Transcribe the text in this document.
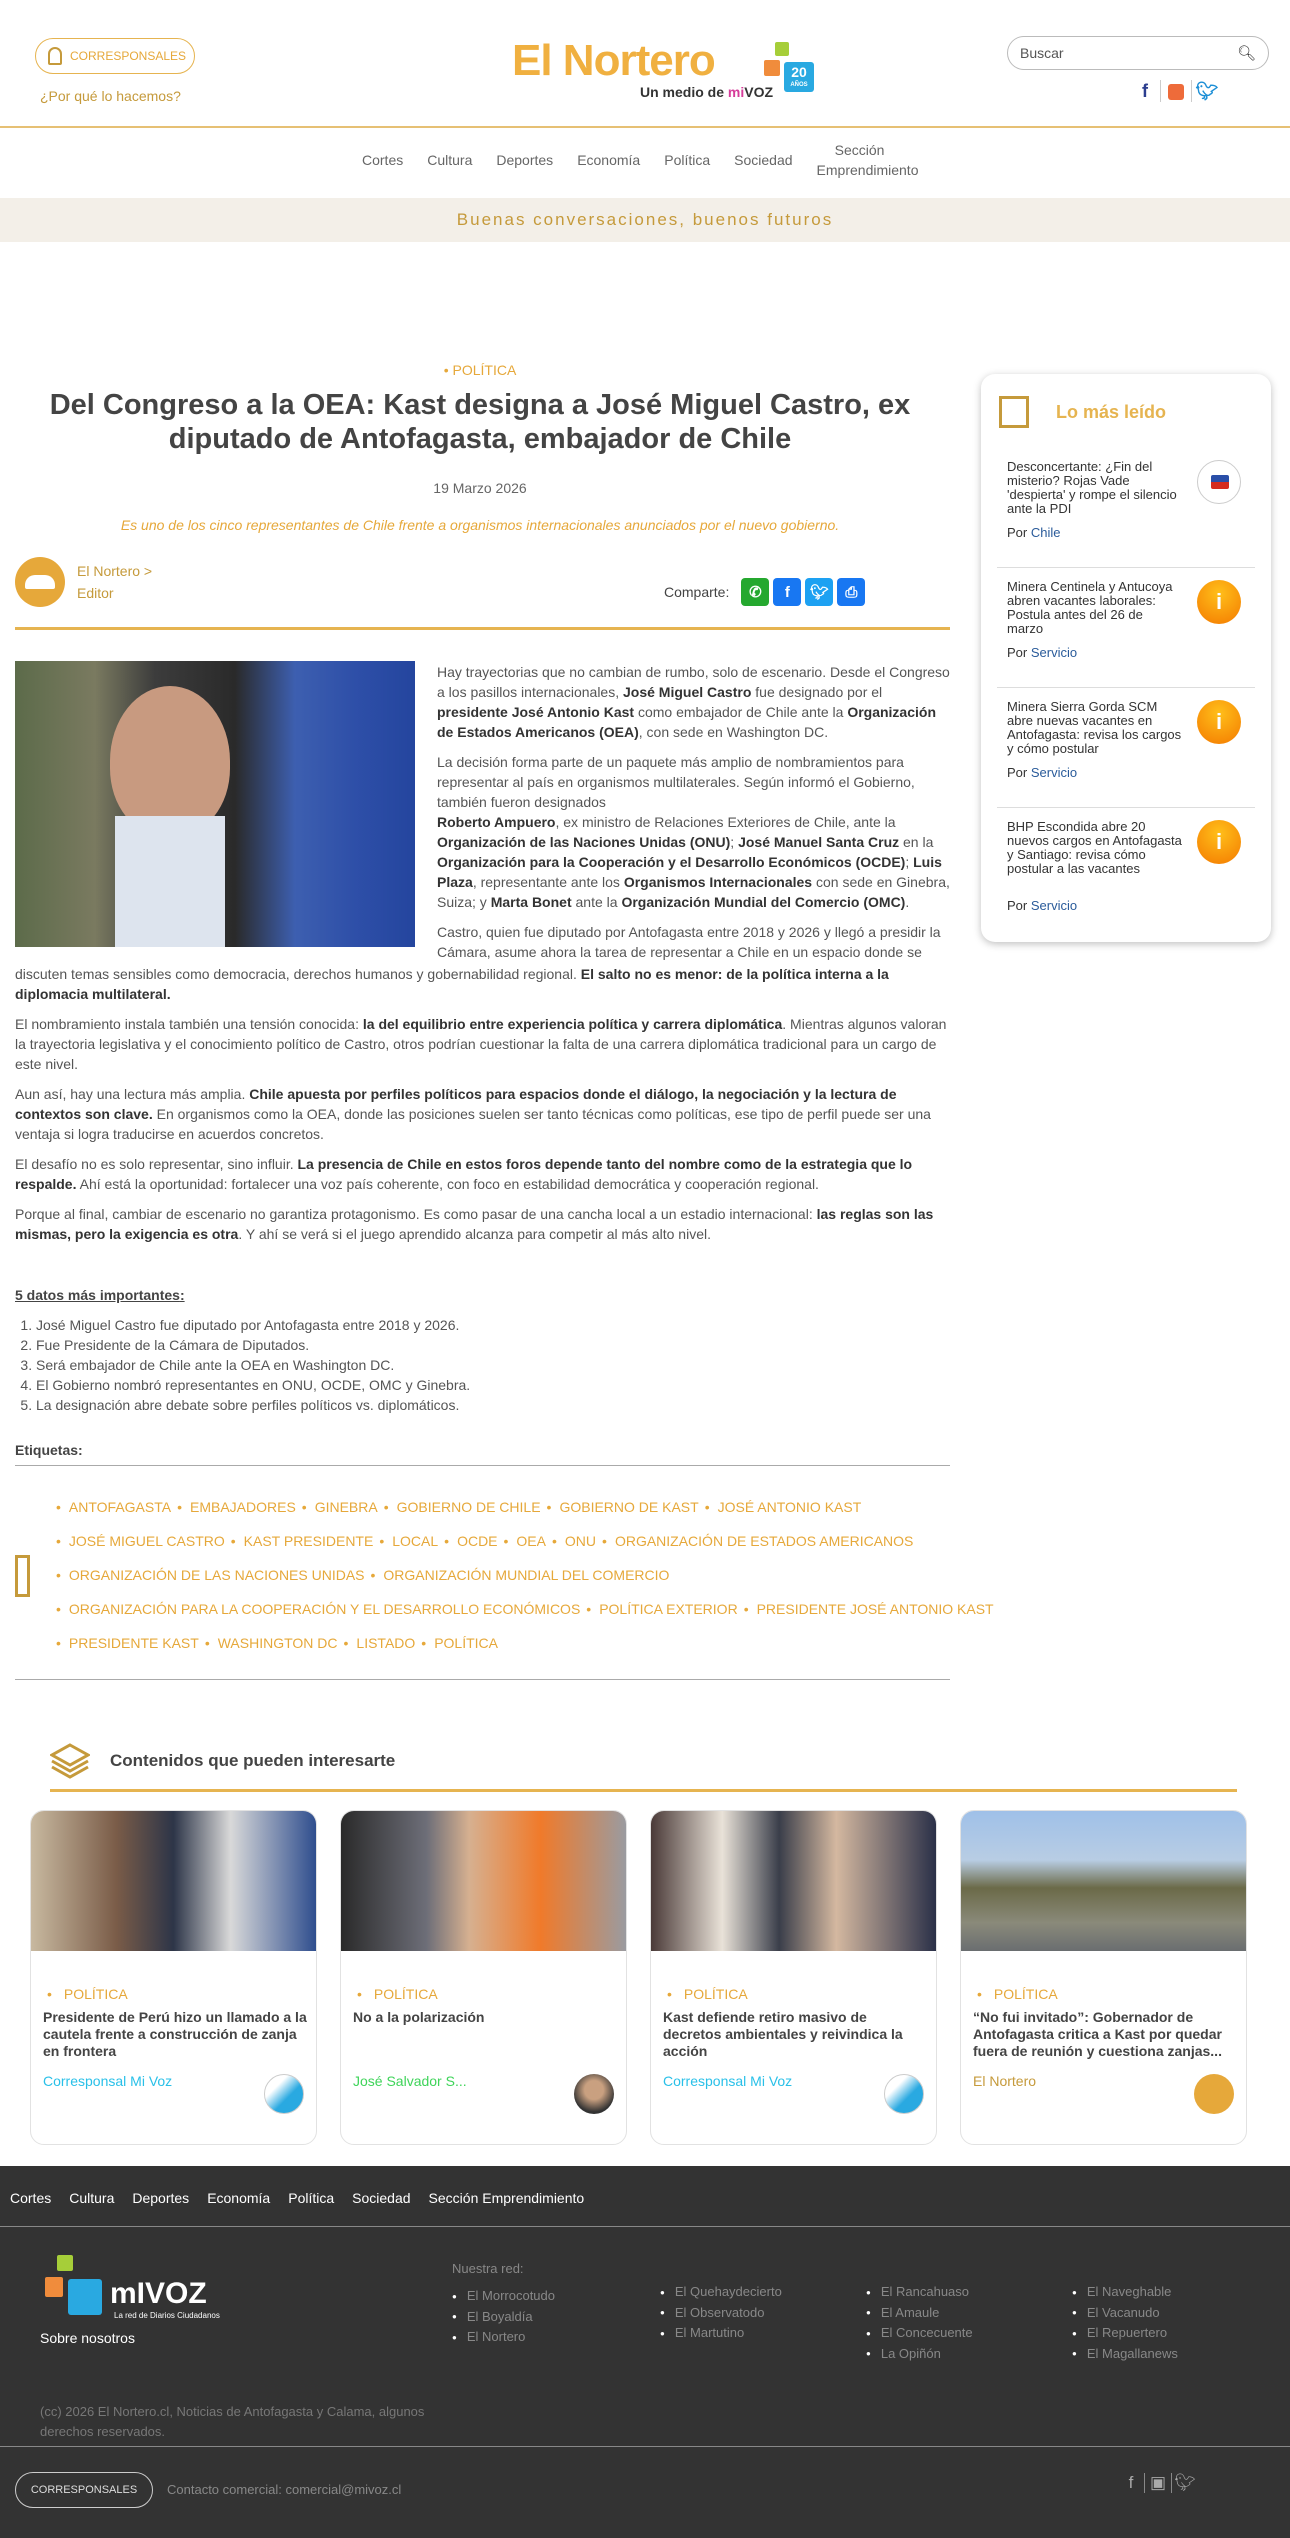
CORRESPONSALES
¿Por qué lo hacemos?
El Nortero	20
AÑOS
Un medio de miVOZ
Buscar	🔍︎
f	🐦︎
Cortes	Cultura	Deportes	Economía	Política	Sociedad
Sección Emprendimiento
Buenas conversaciones, buenos futuros
• POLÍTICA
Del Congreso a la OEA: Kast designa a José Miguel Castro, ex diputado de Antofagasta, embajador de Chile
19 Marzo 2026
Es uno de los cinco representantes de Chile frente a organismos internacionales anunciados por el nuevo gobierno.
El Nortero >
Editor	Comparte:	✆	f	🐦︎	⎙

Hay trayectorias que no cambian de rumbo, solo de escenario. Desde el Congreso a los pasillos internacionales, José Miguel Castro fue designado por el presidente José Antonio Kast como embajador de Chile ante la Organización de Estados Americanos (OEA), con sede en Washington DC.

La decisión forma parte de un paquete más amplio de nombramientos para representar al país en organismos multilaterales. Según informó el Gobierno, también fueron designados
Roberto Ampuero, ex ministro de Relaciones Exteriores de Chile, ante la Organización de las Naciones Unidas (ONU); José Manuel Santa Cruz en la Organización para la Cooperación y el Desarrollo Económicos (OCDE); Luis Plaza, representante ante los Organismos Internacionales con sede en Ginebra, Suiza; y Marta Bonet ante la Organización Mundial del Comercio (OMC).

Castro, quien fue diputado por Antofagasta entre 2018 y 2026 y llegó a presidir la Cámara, asume ahora la tarea de representar a Chile en un espacio donde se

discuten temas sensibles como democracia, derechos humanos y gobernabilidad regional. El salto no es menor: de la política interna a la diplomacia multilateral.

El nombramiento instala también una tensión conocida: la del equilibrio entre experiencia política y carrera diplomática. Mientras algunos valoran la trayectoria legislativa y el conocimiento político de Castro, otros podrían cuestionar la falta de una carrera diplomática tradicional para un cargo de este nivel.

Aun así, hay una lectura más amplia. Chile apuesta por perfiles políticos para espacios donde el diálogo, la negociación y la lectura de contextos son clave. En organismos como la OEA, donde las posiciones suelen ser tanto técnicas como políticas, ese tipo de perfil puede ser una ventaja si logra traducirse en acuerdos concretos.

El desafío no es solo representar, sino influir. La presencia de Chile en estos foros depende tanto del nombre como de la estrategia que lo respalde. Ahí está la oportunidad: fortalecer una voz país coherente, con foco en estabilidad democrática y cooperación regional.

Porque al final, cambiar de escenario no garantiza protagonismo. Es como pasar de una cancha local a un estadio internacional: las reglas son las mismas, pero la exigencia es otra. Y ahí se verá si el juego aprendido alcanza para competir al más alto nivel.

5 datos más importantes:
1. José Miguel Castro fue diputado por Antofagasta entre 2018 y 2026.
2. Fue Presidente de la Cámara de Diputados.
3. Será embajador de Chile ante la OEA en Washington DC.
4. El Gobierno nombró representantes en ONU, OCDE, OMC y Ginebra.
5. La designación abre debate sobre perfiles políticos vs. diplomáticos.
Etiquetas:
• ANTOFAGASTA • EMBAJADORES • GINEBRA • GOBIERNO DE CHILE • GOBIERNO DE KAST • JOSÉ ANTONIO KAST
• JOSÉ MIGUEL CASTRO • KAST PRESIDENTE • LOCAL • OCDE • OEA • ONU • ORGANIZACIÓN DE ESTADOS AMERICANOS
• ORGANIZACIÓN DE LAS NACIONES UNIDAS • ORGANIZACIÓN MUNDIAL DEL COMERCIO
• ORGANIZACIÓN PARA LA COOPERACIÓN Y EL DESARROLLO ECONÓMICOS • POLÍTICA EXTERIOR • PRESIDENTE JOSÉ ANTONIO KAST
• PRESIDENTE KAST • WASHINGTON DC • LISTADO • POLÍTICA
Lo más leído
Desconcertante: ¿Fin del misterio? Rojas Vade 'despierta' y rompe el silencio ante la PDI
Por Chile
Minera Centinela y Antucoya abren vacantes laborales: Postula antes del 26 de marzo
Por Servicio
i
Minera Sierra Gorda SCM abre nuevas vacantes en Antofagasta: revisa los cargos y cómo postular
Por Servicio
i
BHP Escondida abre 20 nuevos cargos en Antofagasta y Santiago: revisa cómo postular a las vacantes
Por Servicio
i
Contenidos que pueden interesarte
• POLÍTICA
Presidente de Perú hizo un llamado a la cautela frente a construcción de zanja en frontera
Corresponsal Mi Voz
• POLÍTICA
No a la polarización
José Salvador S...
• POLÍTICA
Kast defiende retiro masivo de decretos ambientales y reivindica la acción
Corresponsal Mi Voz
• POLÍTICA
“No fui invitado”: Gobernador de Antofagasta critica a Kast por quedar fuera de reunión y cuestiona zanjas...
El Nortero
Cortes Cultura Deportes Economía Política Sociedad Sección Emprendimiento
mIVOZ
La red de Diarios Ciudadanos
Sobre nosotros
Nuestra red:
● El Morrocotudo
● El Boyaldía
● El Nortero
● El Quehaydecierto
● El Observatodo
● El Martutino
● El Rancahuaso
● El Amaule
● El Concecuente
● La Opiñón
● El Naveghable
● El Vacanudo
● El Repuertero
● El Magallanews
(cc) 2026 El Nortero.cl, Noticias de Antofagasta y Calama, algunos derechos reservados.
CORRESPONSALES	Contacto comercial: comercial@mivoz.cl	f ▣ 🐦︎
